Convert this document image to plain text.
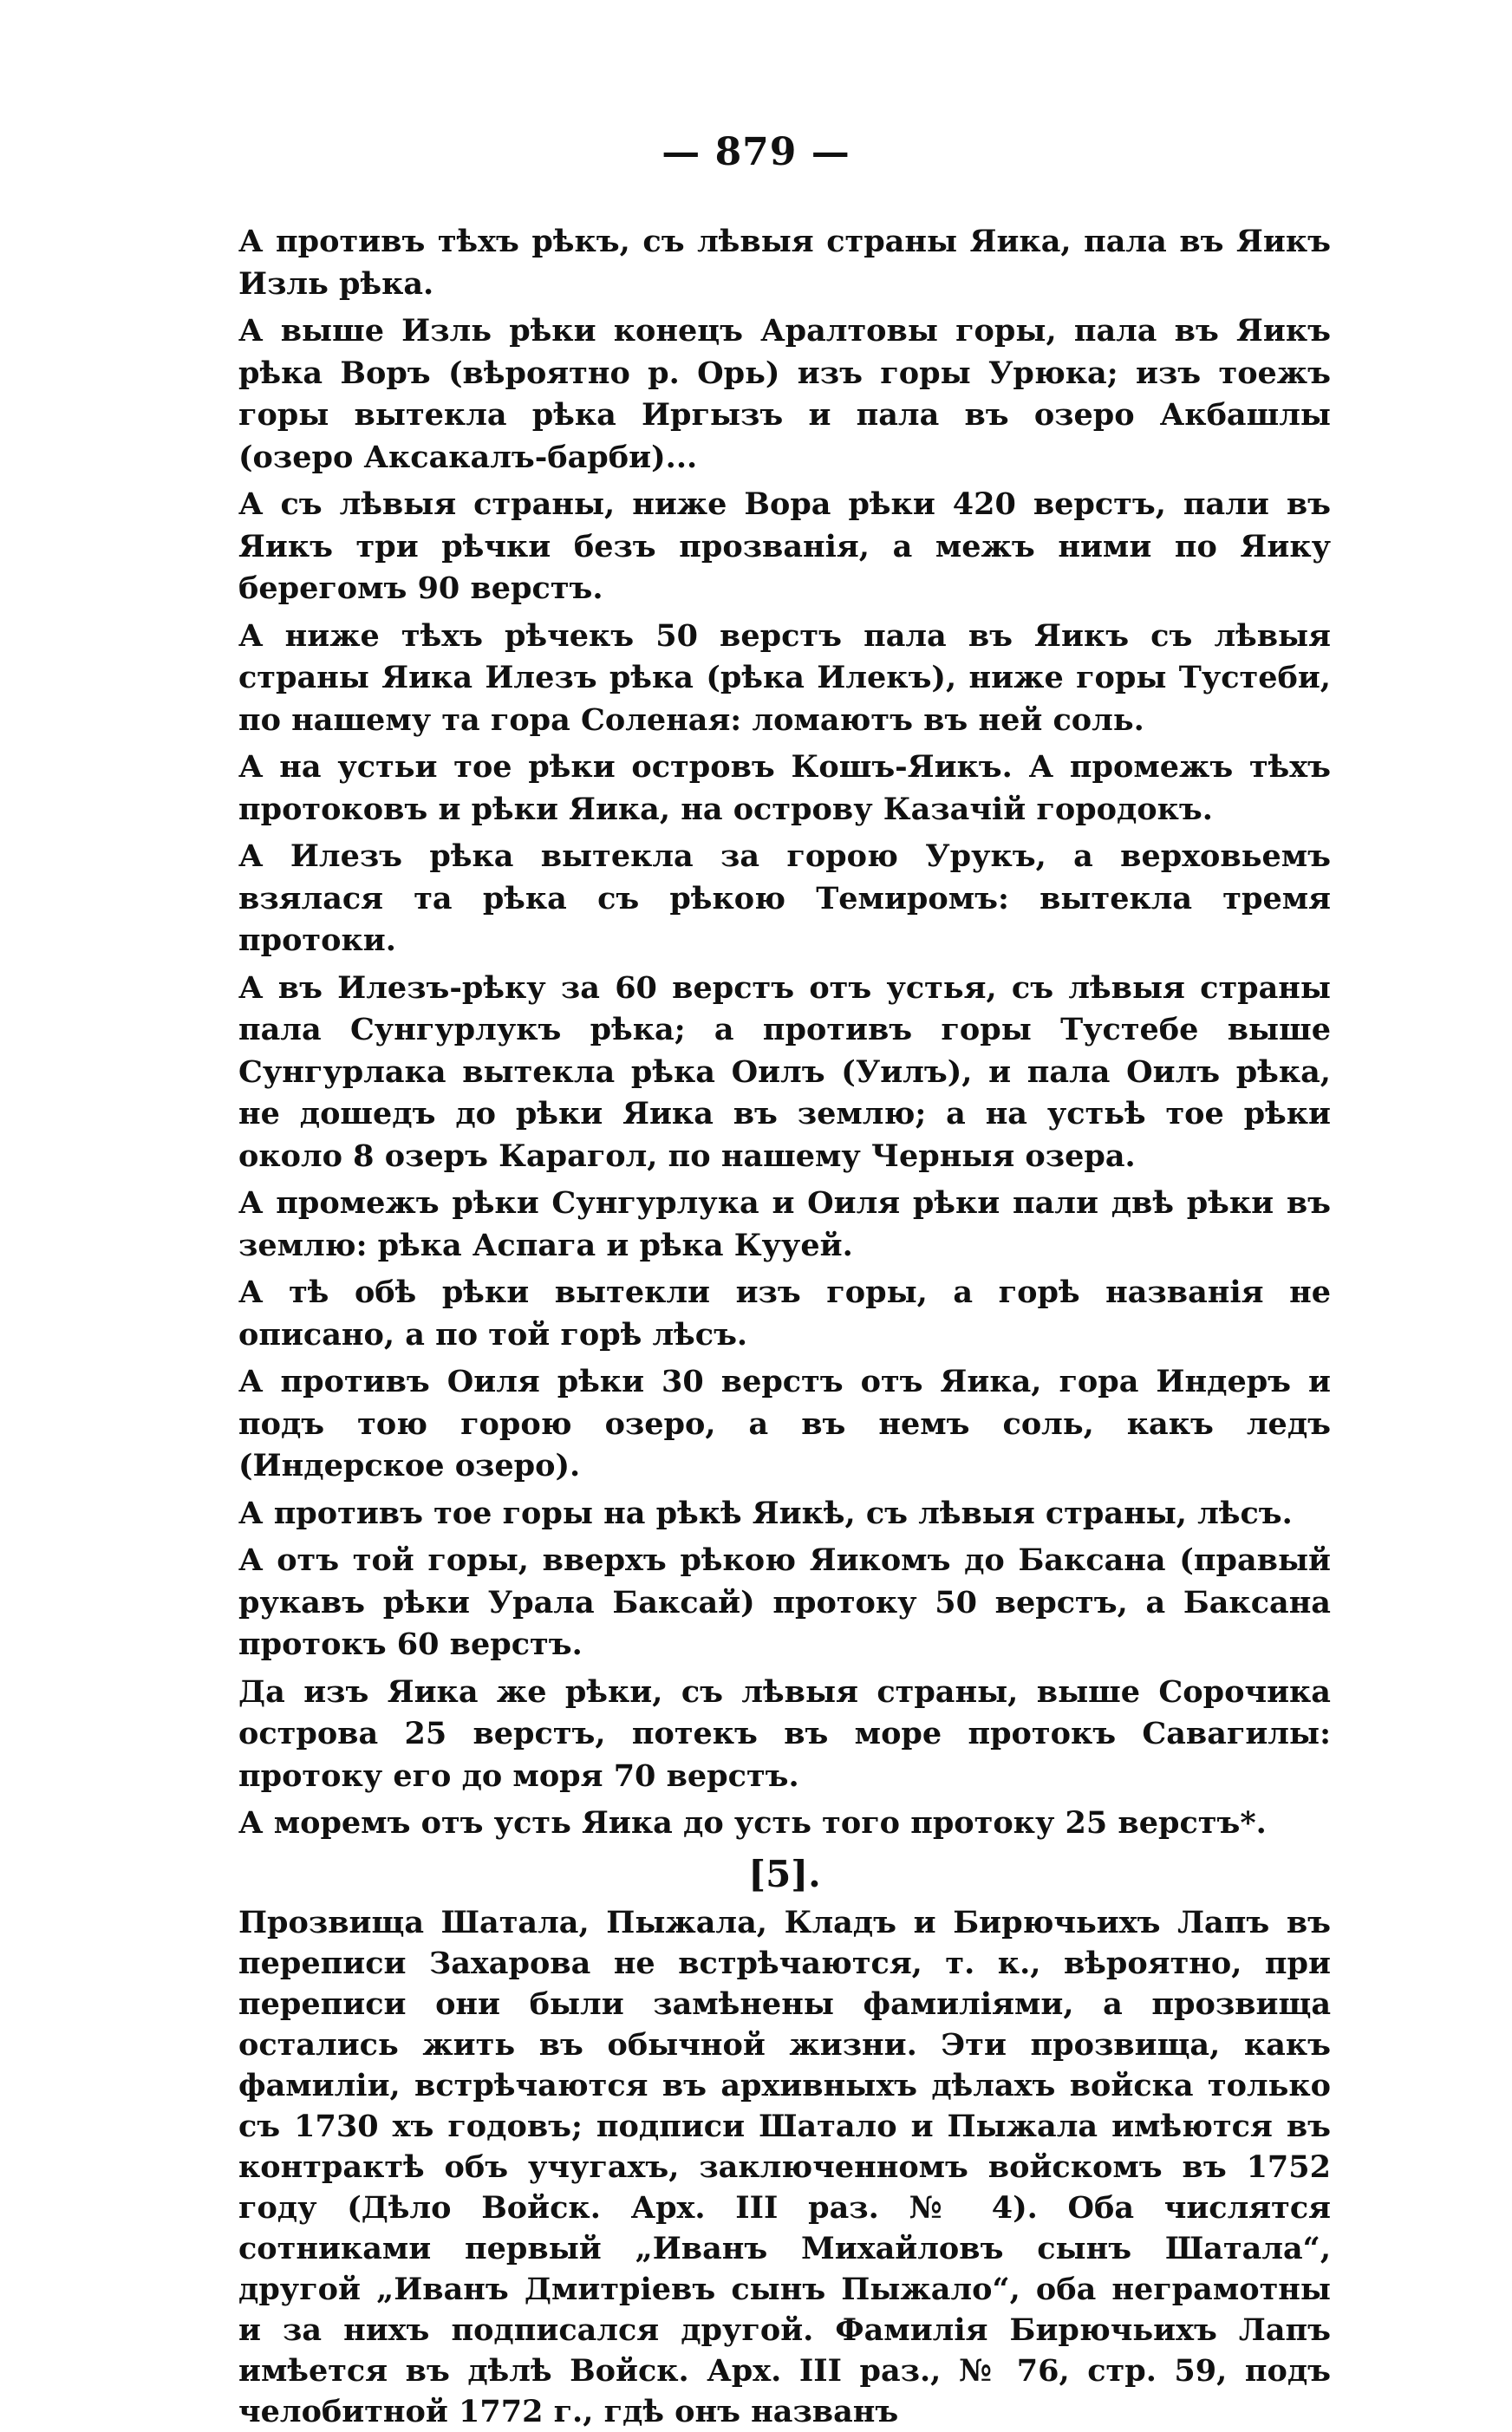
— 879 —

А противъ тѣхъ рѣкъ, съ лѣвыя страны Яика, пала въ Яикъ Изль рѣка.

А выше Изль рѣки конецъ Аралтовы горы, пала въ Яикъ рѣка Воръ (вѣроятно р. Орь) изъ горы Урюка; изъ тоежъ горы вытекла рѣка Иргызъ и пала въ озеро Акбашлы (озеро Аксакалъ-барби)...

А съ лѣвыя страны, ниже Вора рѣки 420 верстъ, пали въ Яикъ три рѣчки безъ прозванія, а межъ ними по Яику берегомъ 90 верстъ.

А ниже тѣхъ рѣчекъ 50 верстъ пала въ Яикъ съ лѣвыя страны Яика Илезъ рѣка (рѣка Илекъ), ниже горы Тустеби, по нашему та гора Соленая: ломаютъ въ ней соль.

А на устьи тое рѣки островъ Кошъ-Яикъ. А промежъ тѣхъ протоковъ и рѣки Яика, на острову Казачій городокъ.

А Илезъ рѣка вытекла за горою Урукъ, а верховьемъ взялася та рѣка съ рѣкою Темиромъ: вытекла тремя протоки.

А въ Илезъ-рѣку за 60 верстъ отъ устья, съ лѣвыя страны пала Сунгурлукъ рѣка; а противъ горы Тустебе выше Сунгурлака вытекла рѣка Оилъ (Уилъ), и пала Оилъ рѣка, не дошедъ до рѣки Яика въ землю; а на устьѣ тое рѣки около 8 озеръ Карагол, по нашему Черныя озера.

А промежъ рѣки Сунгурлука и Оиля рѣки пали двѣ рѣки въ землю: рѣка Аспага и рѣка Кууей.

А тѣ обѣ рѣки вытекли изъ горы, а горѣ названія не описано, а по той горѣ лѣсъ.

А противъ Оиля рѣки 30 верстъ отъ Яика, гора Индеръ и подъ тою горою озеро, а въ немъ соль, какъ ледъ (Индерское озеро).

А противъ тое горы на рѣкѣ Яикѣ, съ лѣвыя страны, лѣсъ.

А отъ той горы, вверхъ рѣкою Яикомъ до Баксана (правый рукавъ рѣки Урала Баксай) протоку 50 верстъ, а Баксана протокъ 60 верстъ.

Да изъ Яика же рѣки, съ лѣвыя страны, выше Сорочика острова 25 верстъ, потекъ въ море протокъ Савагилы: протоку его до моря 70 верстъ.

А моремъ отъ усть Яика до усть того протоку 25 верстъ*.

[5].

Прозвища Шатала, Пыжала, Кладъ и Бирючьихъ Лапъ въ переписи Захарова не встрѣчаются, т. к., вѣроятно, при переписи они были замѣнены фамиліями, а прозвища остались жить въ обычной жизни. Эти прозвища, какъ фамиліи, встрѣчаются въ архивныхъ дѣлахъ войска только съ 1730 хъ годовъ; подписи Шатало и Пыжала имѣются въ контрактѣ объ учугахъ, заключенномъ войскомъ въ 1752 году (Дѣло Войск. Арх. III раз. № 4). Оба числятся сотниками первый „Иванъ Михайловъ сынъ Шатала“, другой „Иванъ Дмитріевъ сынъ Пыжало“, оба неграмотны и за нихъ подписался другой. Фамилія Бирючьихъ Лапъ имѣется въ дѣлѣ Войск. Арх. III раз., № 76, стр. 59, подъ челобитной 1772 г., гдѣ онъ названъ
